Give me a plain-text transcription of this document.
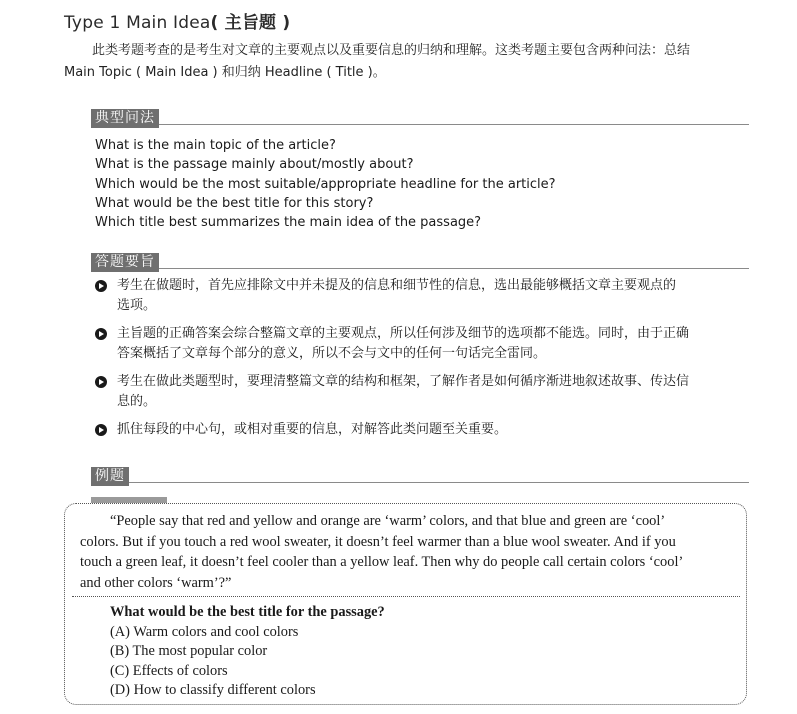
Type 1 Main Idea( 主旨题 )
此类考题考查的是考生对文章的主要观点以及重要信息的归纳和理解。这类考题主要包含两种问法：总结
Main Topic ( Main Idea ) 和归纳 Headline ( Title )。
典型问法
What is the main topic of the article?
What is the passage mainly about/mostly about?
Which would be the most suitable/appropriate headline for the article?
What would be the best title for this story?
Which title best summarizes the main idea of the passage?
答题要旨
考生在做题时，首先应排除文中并未提及的信息和细节性的信息，选出最能够概括文章主要观点的
选项。
主旨题的正确答案会综合整篇文章的主要观点，所以任何涉及细节的选项都不能选。同时，由于正确
答案概括了文章每个部分的意义，所以不会与文中的任何一句话完全雷同。
考生在做此类题型时，要理清整篇文章的结构和框架，了解作者是如何循序渐进地叙述故事、传达信
息的。
抓住每段的中心句，或相对重要的信息，对解答此类问题至关重要。
例题
“People say that red and yellow and orange are ‘warm’ colors, and that blue and green are ‘cool’
colors. But if you touch a red wool sweater, it doesn’t feel warmer than a blue wool sweater. And if you
touch a green leaf, it doesn’t feel cooler than a yellow leaf. Then why do people call certain colors ‘cool’
and other colors ‘warm’?”
What would be the best title for the passage?
(A) Warm colors and cool colors
(B) The most popular color
(C) Effects of colors
(D) How to classify different colors
